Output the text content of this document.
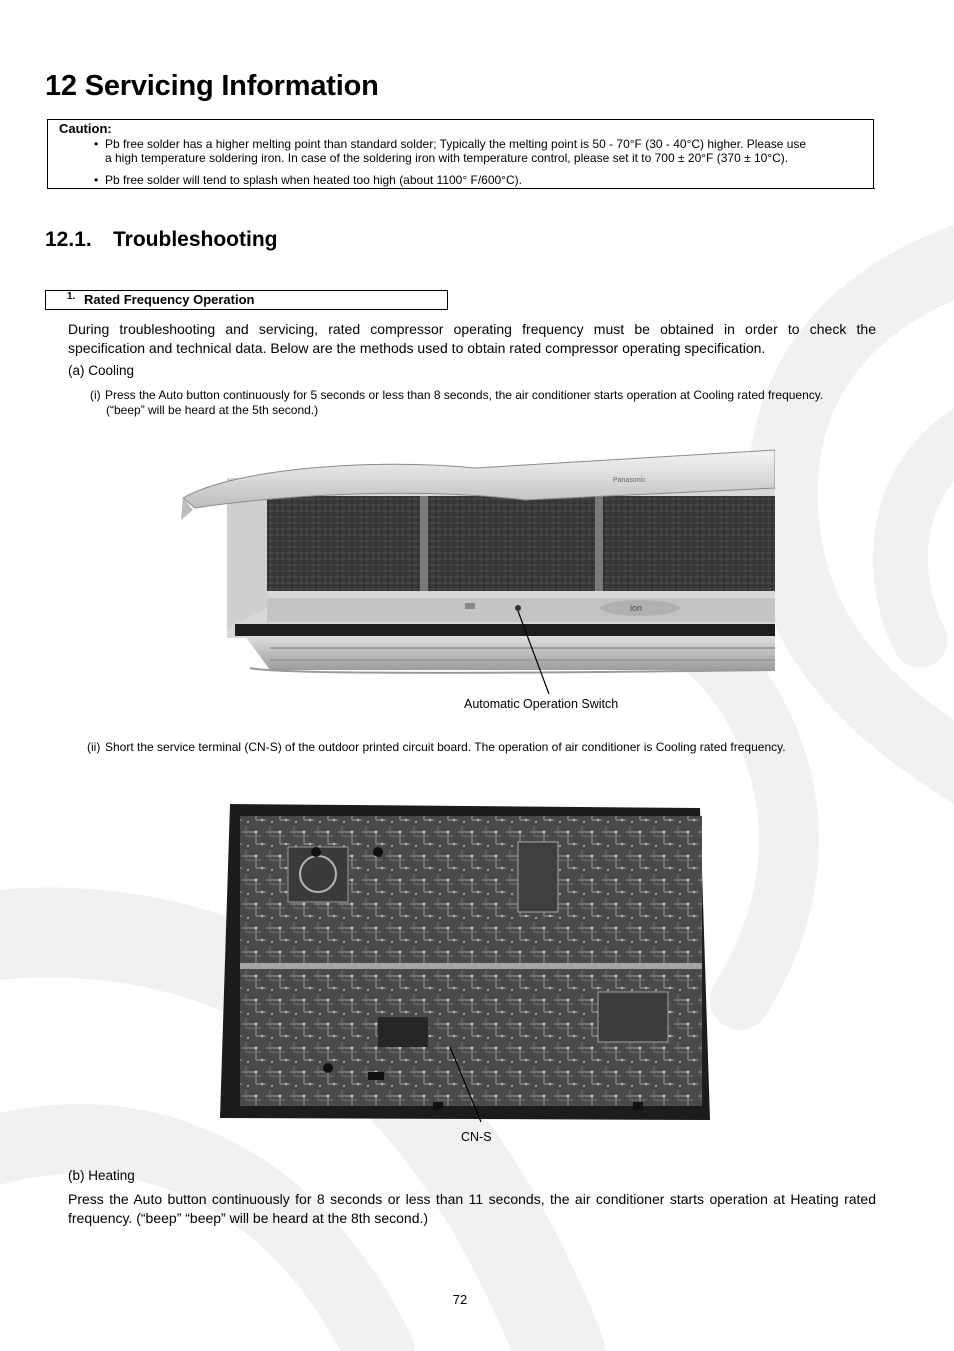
12 Servicing Information
Caution:
• Pb free solder has a higher melting point than standard solder; Typically the melting point is 50 - 70°F (30 - 40°C) higher. Please use
a high temperature soldering iron. In case of the soldering iron with temperature control, please set it to 700 ± 20°F (370 ± 10°C).
• Pb free solder will tend to splash when heated too high (about 1100° F/600°C).
12.1. Troubleshooting
1. Rated Frequency Operation
During troubleshooting and servicing, rated compressor operating frequency must be obtained in order to check the
specification and technical data. Below are the methods used to obtain rated compressor operating specification.
(a) Cooling
(i) Press the Auto button continuously for 5 seconds or less than 8 seconds, the air conditioner starts operation at Cooling rated frequency.
(“beep” will be heard at the 5th second.)
Panasonic
ion
Automatic Operation Switch
(ii) Short the service terminal (CN-S) of the outdoor printed circuit board. The operation of air conditioner is Cooling rated frequency.
CN-S
(b) Heating
Press the Auto button continuously for 8 seconds or less than 11 seconds, the air conditioner starts operation at Heating rated
frequency. (“beep” “beep” will be heard at the 8th second.)
72
